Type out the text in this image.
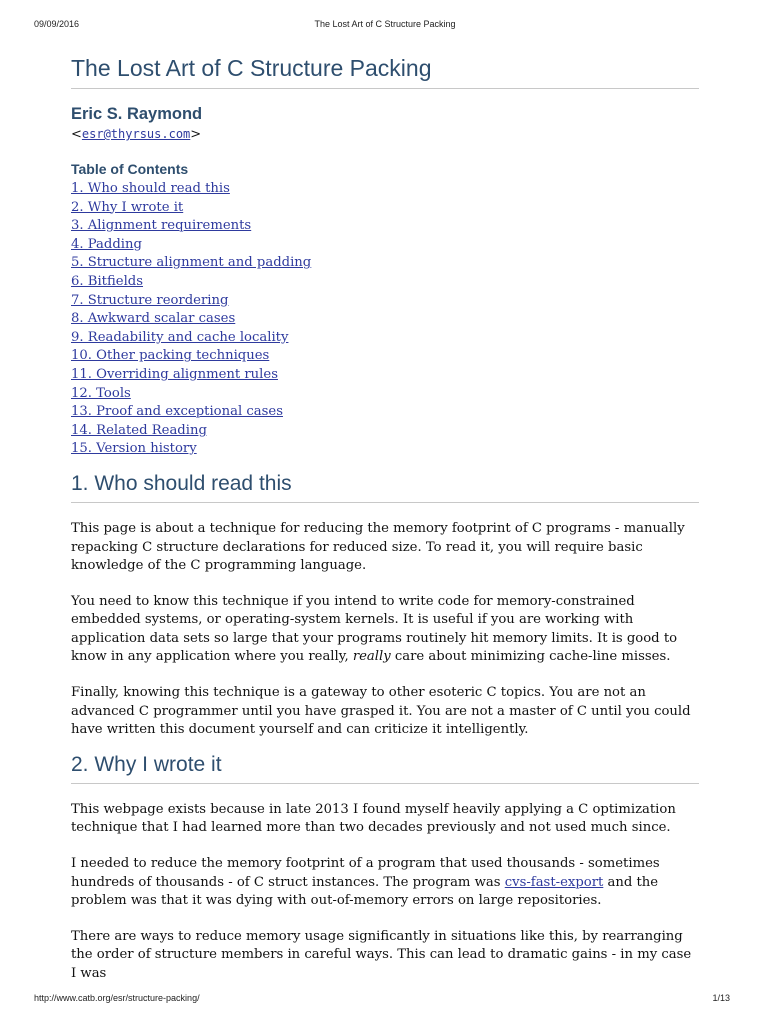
09/09/2016	The Lost Art of C Structure Packing
The Lost Art of C Structure Packing
Eric S. Raymond
<esr@thyrsus.com>
Table of Contents
1. Who should read this
2. Why I wrote it
3. Alignment requirements
4. Padding
5. Structure alignment and padding
6. Bitfields
7. Structure reordering
8. Awkward scalar cases
9. Readability and cache locality
10. Other packing techniques
11. Overriding alignment rules
12. Tools
13. Proof and exceptional cases
14. Related Reading
15. Version history
1. Who should read this

This page is about a technique for reducing the memory footprint of C programs - manually repacking C structure declarations for reduced size. To read it, you will require basic knowledge of the C programming language.

You need to know this technique if you intend to write code for memory-constrained embedded systems, or operating-system kernels. It is useful if you are working with application data sets so large that your programs routinely hit memory limits. It is good to know in any application where you really, really care about minimizing cache-line misses.

Finally, knowing this technique is a gateway to other esoteric C topics. You are not an advanced C programmer until you have grasped it. You are not a master of C until you could have written this document yourself and can criticize it intelligently.

2. Why I wrote it

This webpage exists because in late 2013 I found myself heavily applying a C optimization technique that I had learned more than two decades previously and not used much since.

I needed to reduce the memory footprint of a program that used thousands - sometimes hundreds of thousands - of C struct instances. The program was cvs-fast-export and the problem was that it was dying with out-of-memory errors on large repositories.

There are ways to reduce memory usage significantly in situations like this, by rearranging the order of structure members in careful ways. This can lead to dramatic gains - in my case I was

http://www.catb.org/esr/structure-packing/	1/13
